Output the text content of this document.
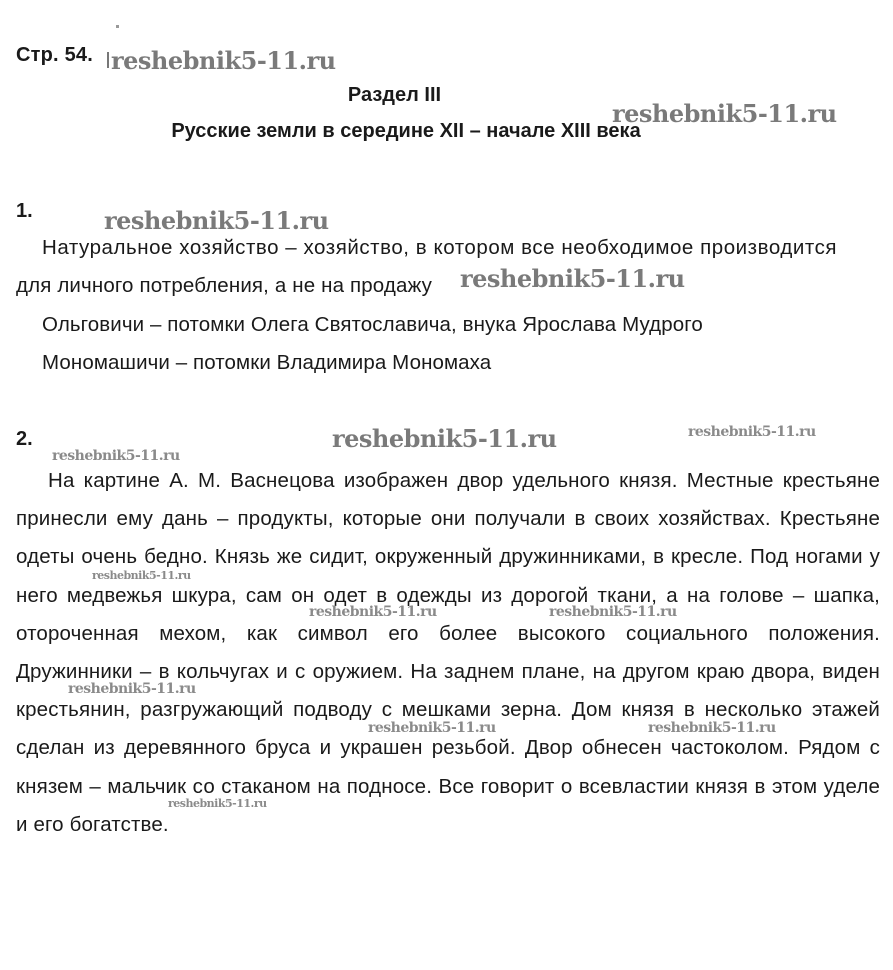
Стр. 54.
Раздел III
Русские земли в середине XII – начале XIII века
1.
Натуральное хозяйство – хозяйство, в котором все необходимое производится
для личного потребления, а не на продажу
Ольговичи – потомки Олега Святославича, внука Ярослава Мудрого
Мономашичи – потомки Владимира Мономаха
2.
На картине А. М. Васнецова изображен двор удельного князя. Местные крестьяне принесли ему дань – продукты, которые они получали в своих хозяйствах. Крестьяне одеты очень бедно. Князь же сидит, окруженный дружинниками, в кресле. Под ногами у него медвежья шкура, сам он одет в одежды из дорогой ткани, а на голове – шапка, отороченная мехом, как символ его более высокого социального положения. Дружинники – в кольчугах и с оружием. На заднем плане, на другом краю двора, виден крестьянин, разгружающий подводу с мешками зерна. Дом князя в несколько этажей сделан из деревянного бруса и украшен резьбой. Двор обнесен частоколом. Рядом с князем – мальчик со стаканом на подносе. Все говорит о всевластии князя в этом уделе и его богатстве.
reshebnik5-11.ru
reshebnik5-11.ru
reshebnik5-11.ru
reshebnik5-11.ru
reshebnik5-11.ru	reshebnik5-11.ru
reshebnik5-11.ru
reshebnik5-11.ru
reshebnik5-11.ru	reshebnik5-11.ru
reshebnik5-11.ru
reshebnik5-11.ru	reshebnik5-11.ru
reshebnik5-11.ru
